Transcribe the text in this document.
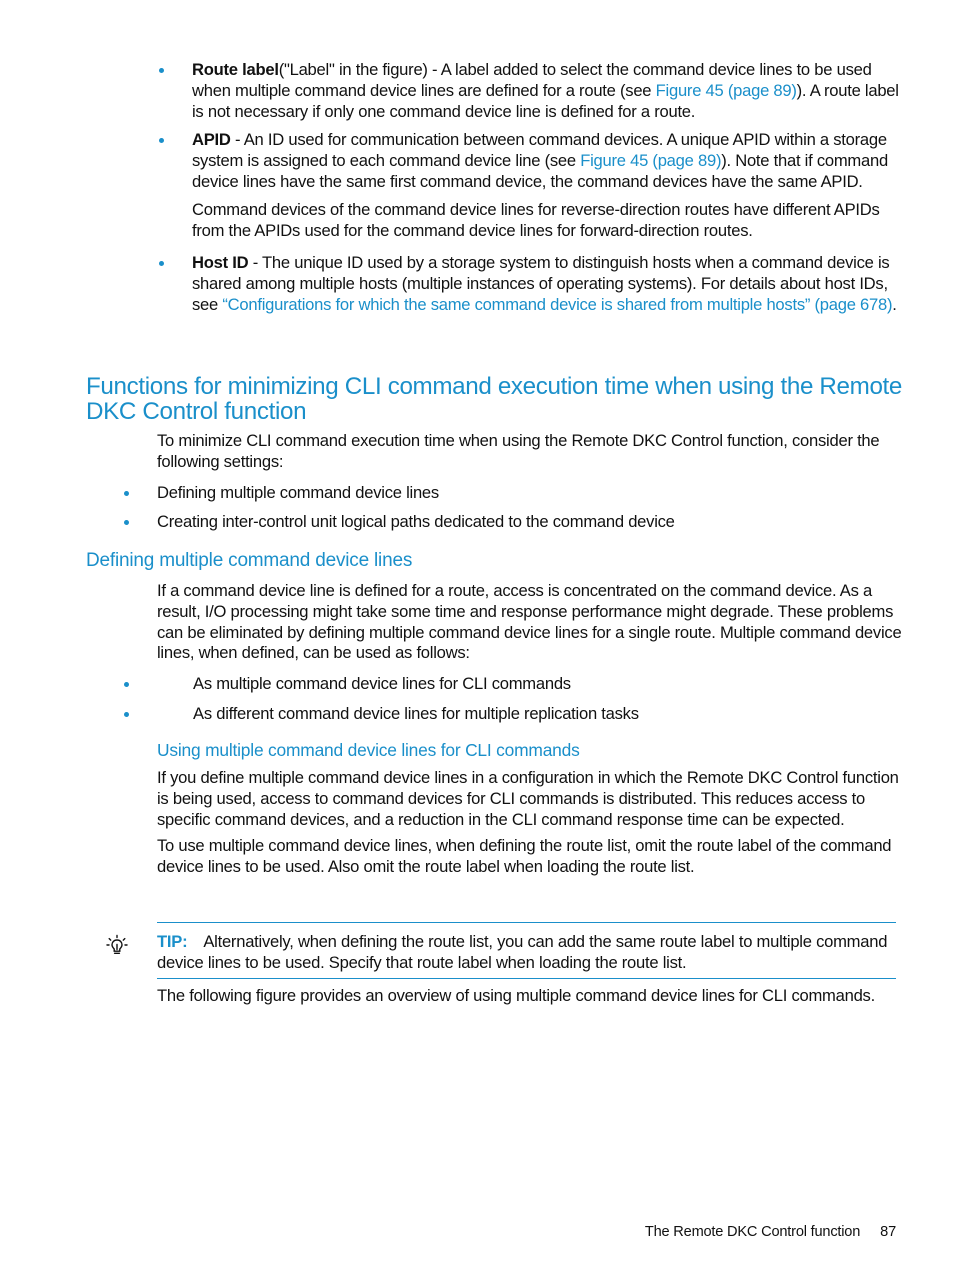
Route label("Label" in the figure) - A label added to select the command device lines to be used when multiple command device lines are defined for a route (see Figure 45 (page 89)). A route label is not necessary if only one command device line is defined for a route.
APID - An ID used for communication between command devices. A unique APID within a storage system is assigned to each command device line (see Figure 45 (page 89)). Note that if command device lines have the same first command device, the command devices have the same APID.

Command devices of the command device lines for reverse-direction routes have different APIDs from the APIDs used for the command device lines for forward-direction routes.

Host ID - The unique ID used by a storage system to distinguish hosts when a command device is shared among multiple hosts (multiple instances of operating systems). For details about host IDs, see “Configurations for which the same command device is shared from multiple hosts” (page 678).
Functions for minimizing CLI command execution time when using the Remote DKC Control function

To minimize CLI command execution time when using the Remote DKC Control function, consider the following settings:

Defining multiple command device lines
Creating inter-control unit logical paths dedicated to the command device
Defining multiple command device lines

If a command device line is defined for a route, access is concentrated on the command device. As a result, I/O processing might take some time and response performance might degrade. These problems can be eliminated by defining multiple command device lines for a single route. Multiple command device lines, when defined, can be used as follows:

As multiple command device lines for CLI commands
As different command device lines for multiple replication tasks
Using multiple command device lines for CLI commands

If you define multiple command device lines in a configuration in which the Remote DKC Control function is being used, access to command devices for CLI commands is distributed. This reduces access to specific command devices, and a reduction in the CLI command response time can be expected.

To use multiple command device lines, when defining the route list, omit the route label of the command device lines to be used. Also omit the route label when loading the route list.

TIP: Alternatively, when defining the route list, you can add the same route label to multiple command device lines to be used. Specify that route label when loading the route list.

The following figure provides an overview of using multiple command device lines for CLI commands.

The Remote DKC Control function 87
